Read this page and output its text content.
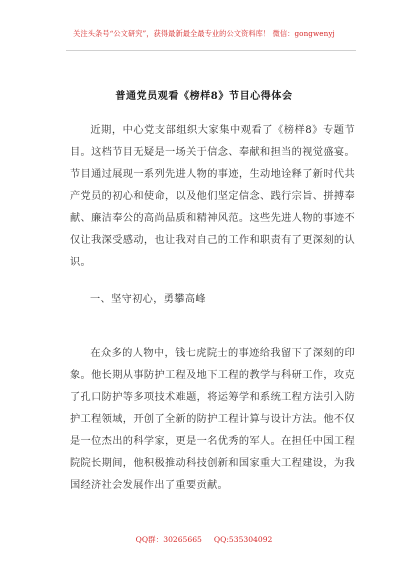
关注头条号“公文研究”，获得最新最全最专业的公文资料库！ 微信：gongwenyj
普通党员观看《榜样8》节目心得体会

近期，中心党支部组织大家集中观看了《榜样8》专题节目。这档节目无疑是一场关于信念、奉献和担当的视觉盛宴。节目通过展现一系列先进人物的事迹，生动地诠释了新时代共产党员的初心和使命，以及他们坚定信念、践行宗旨、拼搏奉献、廉洁奉公的高尚品质和精神风范。这些先进人物的事迹不仅让我深受感动，也让我对自己的工作和职责有了更深刻的认识。

一、坚守初心，勇攀高峰

在众多的人物中，钱七虎院士的事迹给我留下了深刻的印象。他长期从事防护工程及地下工程的教学与科研工作，攻克了孔口防护等多项技术难题，将运筹学和系统工程方法引入防护工程领域，开创了全新的防护工程计算与设计方法。他不仅是一位杰出的科学家，更是一名优秀的军人。在担任中国工程院院长期间，他积极推动科技创新和国家重大工程建设，为我国经济社会发展作出了重要贡献。

QQ群：30265665 QQ:535304092
